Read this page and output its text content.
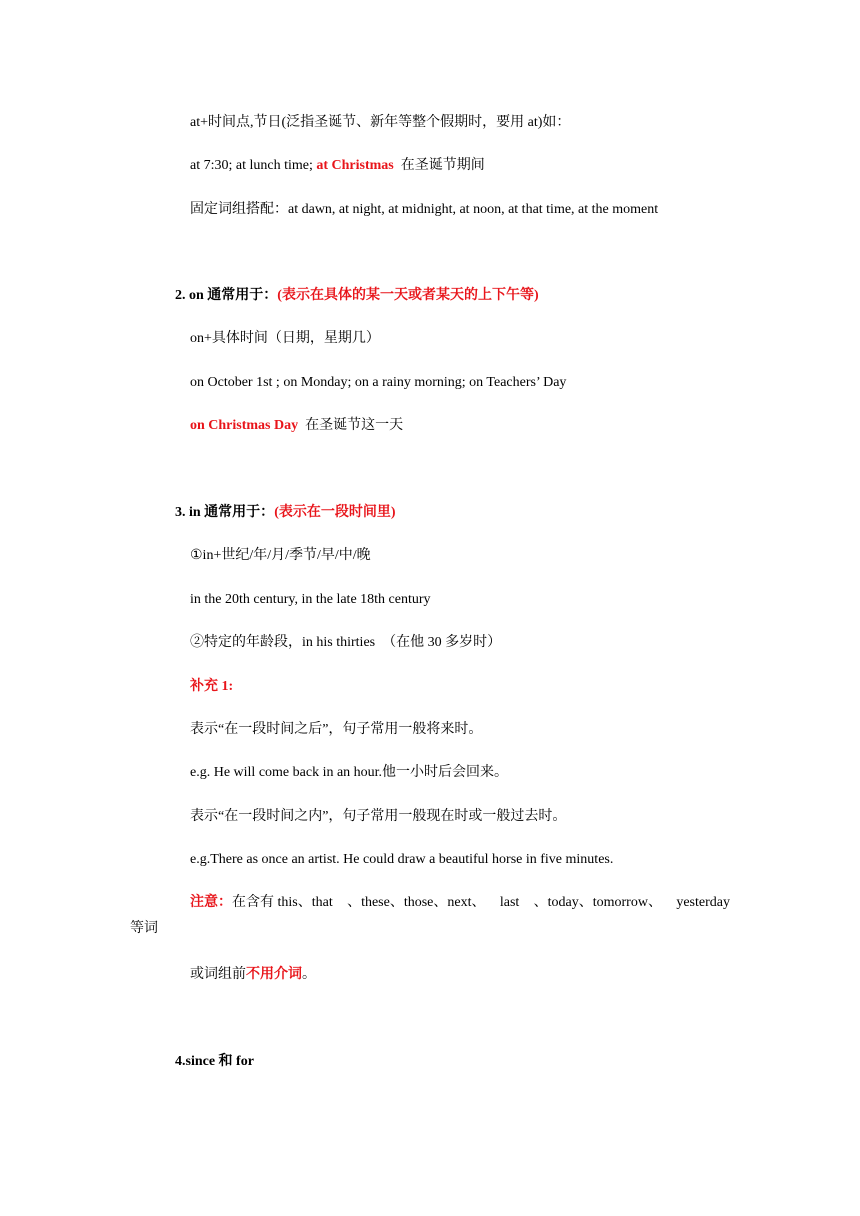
at+时间点,节日(泛指圣诞节、新年等整个假期时，要用 at)如：
at 7:30; at lunch time; at Christmas 在圣诞节期间
固定词组搭配：at dawn, at night, at midnight, at noon, at that time, at the moment
2. on 通常用于：(表示在具体的某一天或者某天的上下午等)
on+具体时间（日期，星期几）
on October 1st ; on Monday; on a rainy morning; on Teachers’ Day
on Christmas Day 在圣诞节这一天
3. in 通常用于：(表示在一段时间里)
①in+世纪/年/月/季节/早/中/晚
in the 20th century, in the late 18th century
②特定的年龄段，in his thirties　（在他 30 多岁时）
补充 1:
表示“在一段时间之后”，句子常用一般将来时。
e.g. He will come back in an hour.他一小时后会回来。
表示“在一段时间之内”，句子常用一般现在时或一般过去时。
e.g.There as once an artist. He could draw a beautiful horse in five minutes.
注意：在含有 this、that 、these、those、next、 last 、today、tomorrow、 yesterday
等词
或词组前不用介词。
4.since 和 for
